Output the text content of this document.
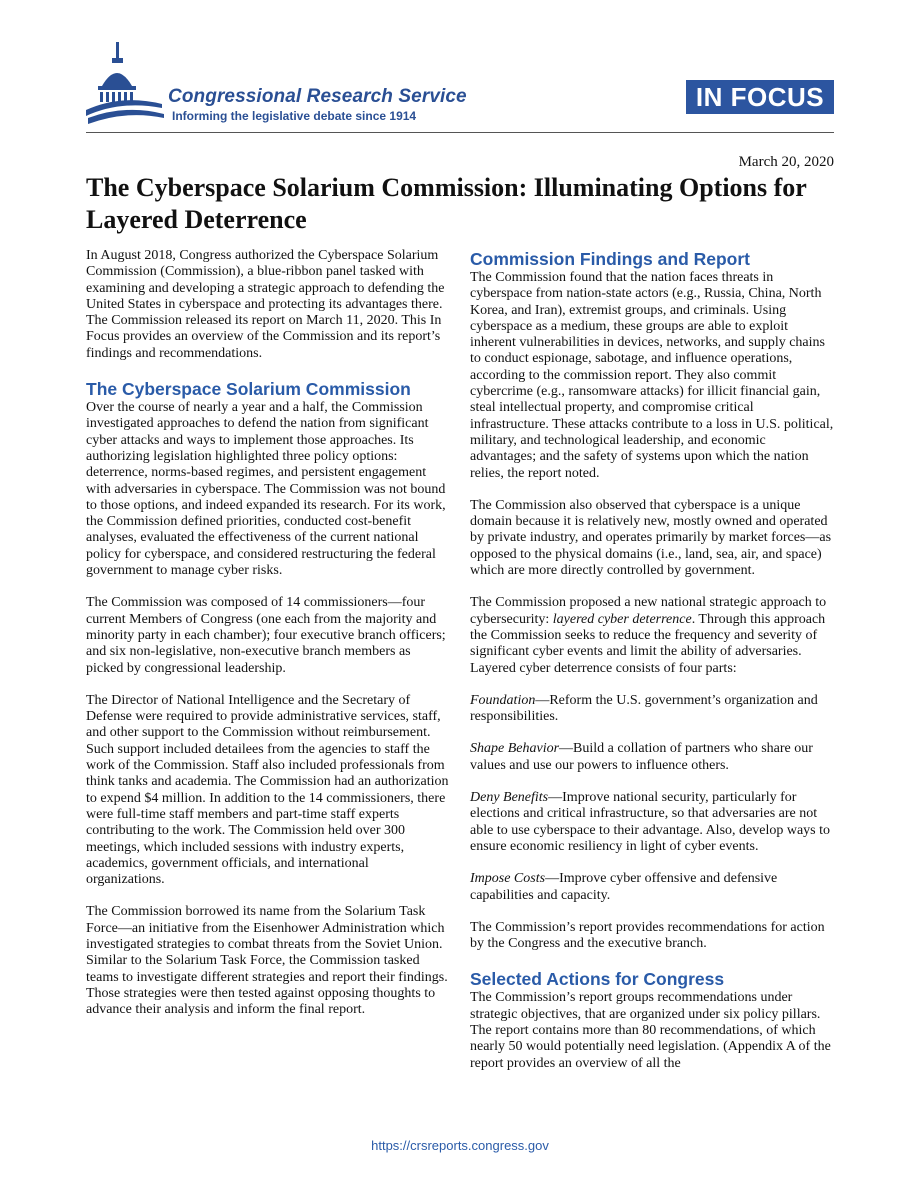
Congressional Research Service
Informing the legislative debate since 1914
IN FOCUS
March 20, 2020
The Cyberspace Solarium Commission: Illuminating Options for Layered Deterrence

In August 2018, Congress authorized the Cyberspace Solarium Commission (Commission), a blue-ribbon panel tasked with examining and developing a strategic approach to defending the United States in cyberspace and protecting its advantages there. The Commission released its report on March 11, 2020. This In Focus provides an overview of the Commission and its report’s findings and recommendations.

The Cyberspace Solarium Commission

Over the course of nearly a year and a half, the Commission investigated approaches to defend the nation from significant cyber attacks and ways to implement those approaches. Its authorizing legislation highlighted three policy options: deterrence, norms-based regimes, and persistent engagement with adversaries in cyberspace. The Commission was not bound to those options, and indeed expanded its research. For its work, the Commission defined priorities, conducted cost-benefit analyses, evaluated the effectiveness of the current national policy for cyberspace, and considered restructuring the federal government to manage cyber risks.

The Commission was composed of 14 commissioners—four current Members of Congress (one each from the majority and minority party in each chamber); four executive branch officers; and six non-legislative, non-executive branch members as picked by congressional leadership.

The Director of National Intelligence and the Secretary of Defense were required to provide administrative services, staff, and other support to the Commission without reimbursement. Such support included detailees from the agencies to staff the work of the Commission. Staff also included professionals from think tanks and academia. The Commission had an authorization to expend $4 million. In addition to the 14 commissioners, there were full-time staff members and part-time staff experts contributing to the work. The Commission held over 300 meetings, which included sessions with industry experts, academics, government officials, and international organizations.

The Commission borrowed its name from the Solarium Task Force—an initiative from the Eisenhower Administration which investigated strategies to combat threats from the Soviet Union. Similar to the Solarium Task Force, the Commission tasked teams to investigate different strategies and report their findings. Those strategies were then tested against opposing thoughts to advance their analysis and inform the final report.

Commission Findings and Report

The Commission found that the nation faces threats in cyberspace from nation-state actors (e.g., Russia, China, North Korea, and Iran), extremist groups, and criminals. Using cyberspace as a medium, these groups are able to exploit inherent vulnerabilities in devices, networks, and supply chains to conduct espionage, sabotage, and influence operations, according to the commission report. They also commit cybercrime (e.g., ransomware attacks) for illicit financial gain, steal intellectual property, and compromise critical infrastructure. These attacks contribute to a loss in U.S. political, military, and technological leadership, and economic advantages; and the safety of systems upon which the nation relies, the report noted.

The Commission also observed that cyberspace is a unique domain because it is relatively new, mostly owned and operated by private industry, and operates primarily by market forces—as opposed to the physical domains (i.e., land, sea, air, and space) which are more directly controlled by government.

The Commission proposed a new national strategic approach to cybersecurity: layered cyber deterrence. Through this approach the Commission seeks to reduce the frequency and severity of significant cyber events and limit the ability of adversaries. Layered cyber deterrence consists of four parts:

Foundation—Reform the U.S. government’s organization and responsibilities.

Shape Behavior—Build a collation of partners who share our values and use our powers to influence others.

Deny Benefits—Improve national security, particularly for elections and critical infrastructure, so that adversaries are not able to use cyberspace to their advantage. Also, develop ways to ensure economic resiliency in light of cyber events.

Impose Costs—Improve cyber offensive and defensive capabilities and capacity.

The Commission’s report provides recommendations for action by the Congress and the executive branch.

Selected Actions for Congress

The Commission’s report groups recommendations under strategic objectives, that are organized under six policy pillars. The report contains more than 80 recommendations, of which nearly 50 would potentially need legislation. (Appendix A of the report provides an overview of all the

https://crsreports.congress.gov
